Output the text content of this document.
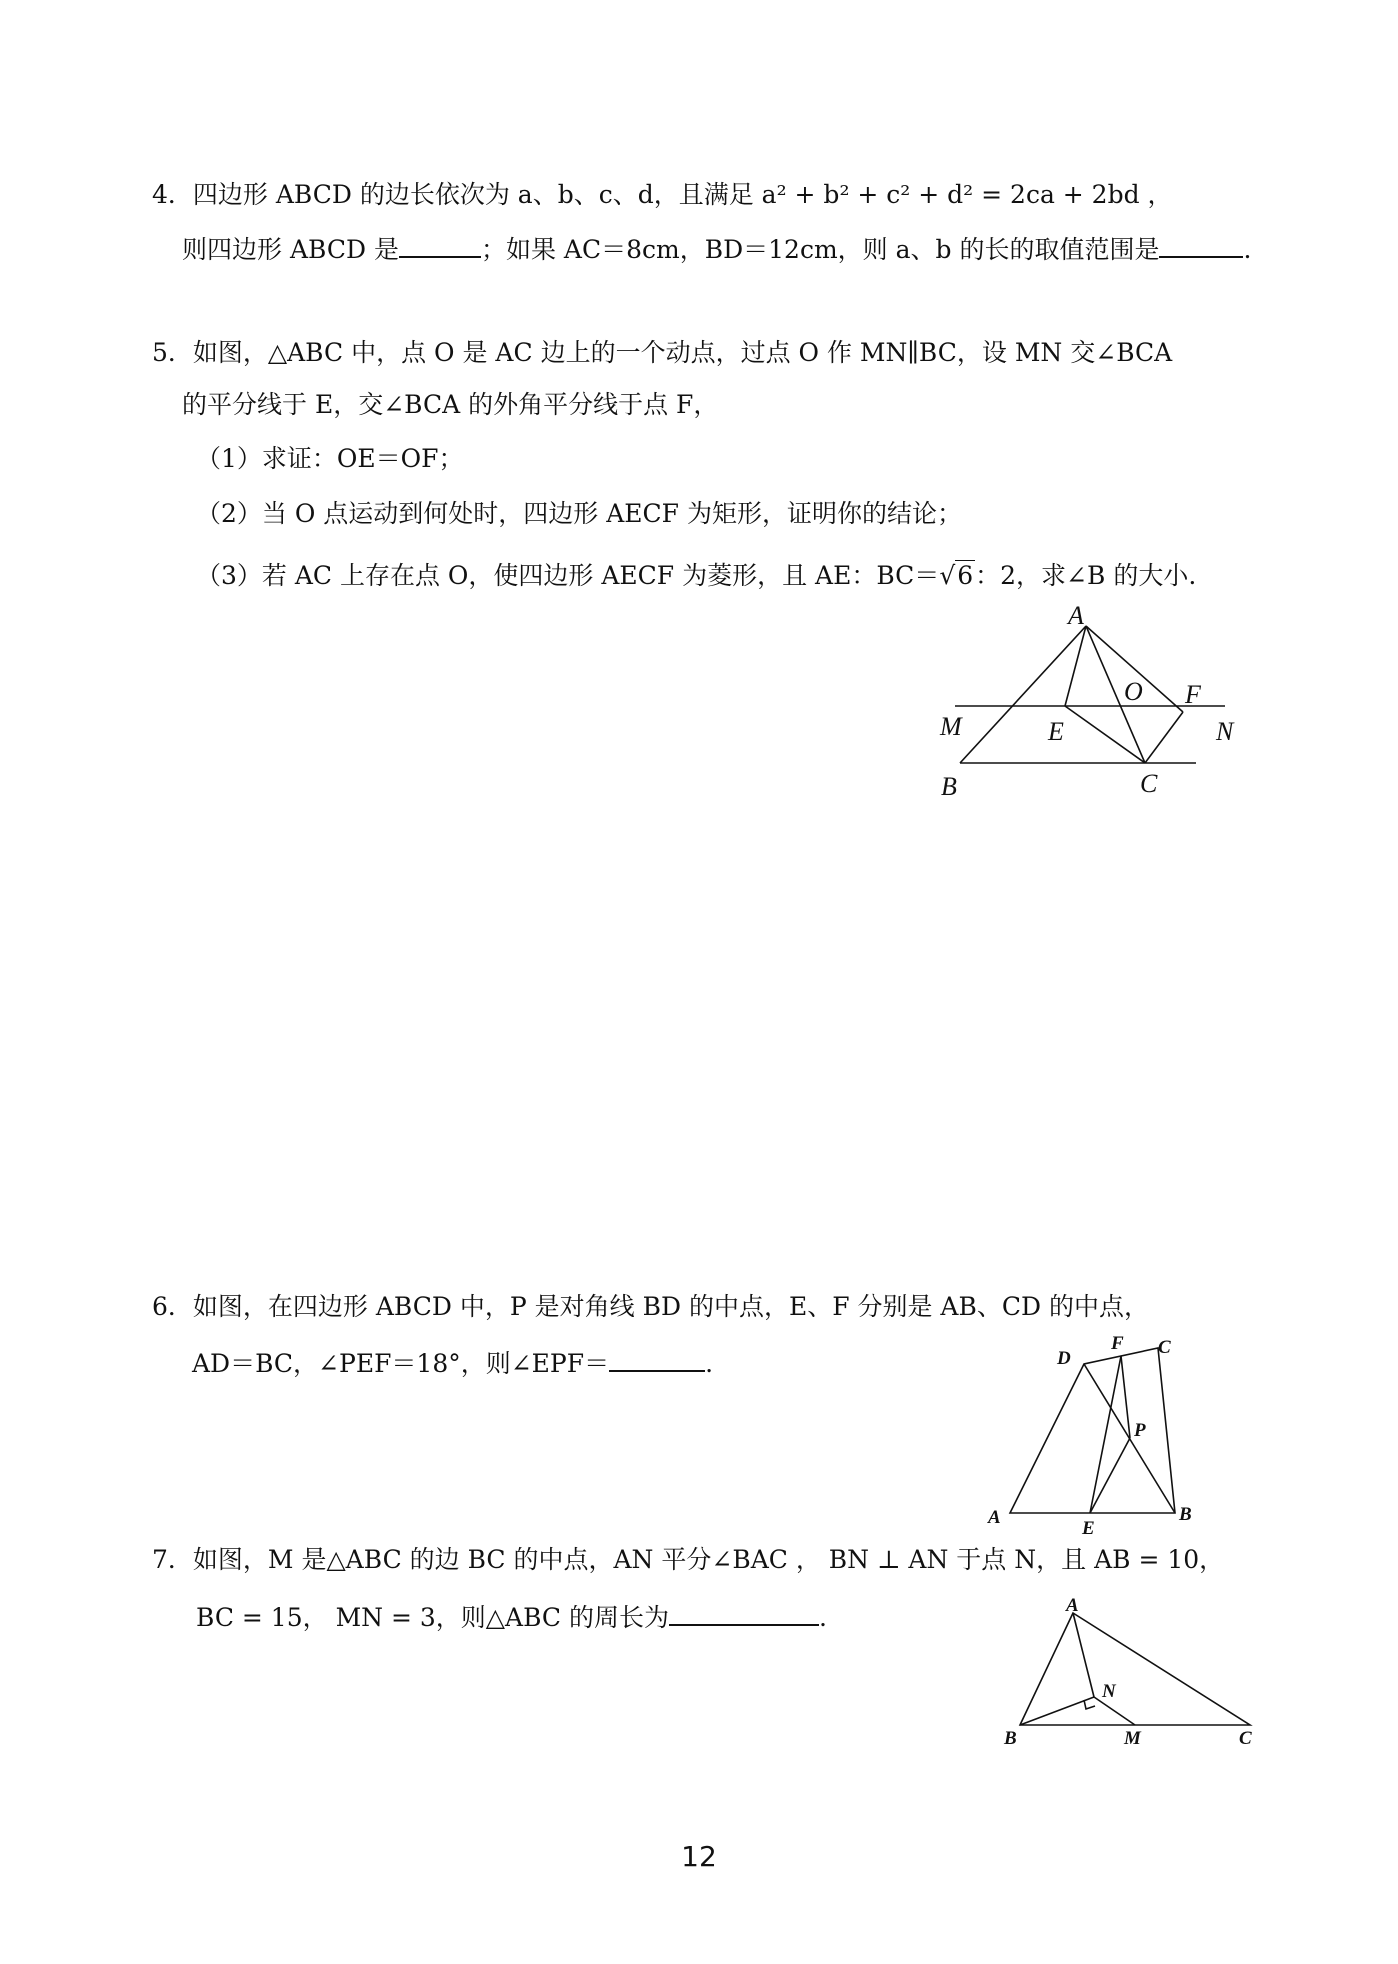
4．四边形 ABCD 的边长依次为 a、b、c、d，且满足 a² + b² + c² + d² = 2ca + 2bd ，
则四边形 ABCD 是	；如果 AC＝8cm，BD＝12cm，则 a、b 的长的取值范围是	.
5．如图，△ABC 中，点 O 是 AC 边上的一个动点，过点 O 作 MN∥BC，设 MN 交∠BCA
的平分线于 E，交∠BCA 的外角平分线于点 F，
（1）求证：OE＝OF；
（2）当 O 点运动到何处时，四边形 AECF 为矩形，证明你的结论；
（3）若 AC 上存在点 O，使四边形 AECF 为菱形，且 AE：BC＝√6：2，求∠B 的大小.
A
O F
M	E	N
B	C
6．如图，在四边形 ABCD 中，P 是对角线 BD 的中点，E、F 分别是 AB、CD 的中点，
AD＝BC，∠PEF＝18°，则∠EPF＝	.	D
F C
P
A
E
B
7．如图，M 是△ABC 的边 BC 的中点，AN 平分∠BAC ， BN ⊥ AN 于点 N，且 AB = 10，
BC = 15， MN = 3，则△ABC 的周长为	.	A
N
B	M	C
12
